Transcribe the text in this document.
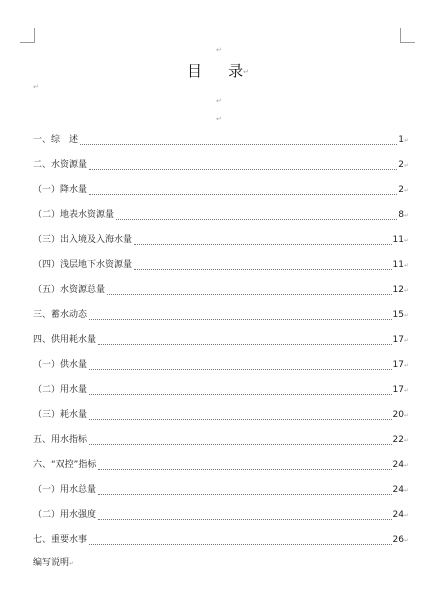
↵
目 录↵
↵
↵
↵
一、综　述	1 ↵
二、水资源量	2 ↵
（一）降水量	2 ↵
（二）地表水资源量	8 ↵
（三）出入境及入海水量	11 ↵
（四）浅层地下水资源量	11 ↵
（五）水资源总量	12 ↵
三、蓄水动态	15 ↵
四、供用耗水量	17 ↵
（一）供水量	17 ↵
（二）用水量	17 ↵
（三）耗水量	20 ↵
五、用水指标	22 ↵
六、“双控”指标	24 ↵
（一）用水总量	24 ↵
（二）用水强度	24 ↵
七、重要水事	26 ↵
编写说明↵
